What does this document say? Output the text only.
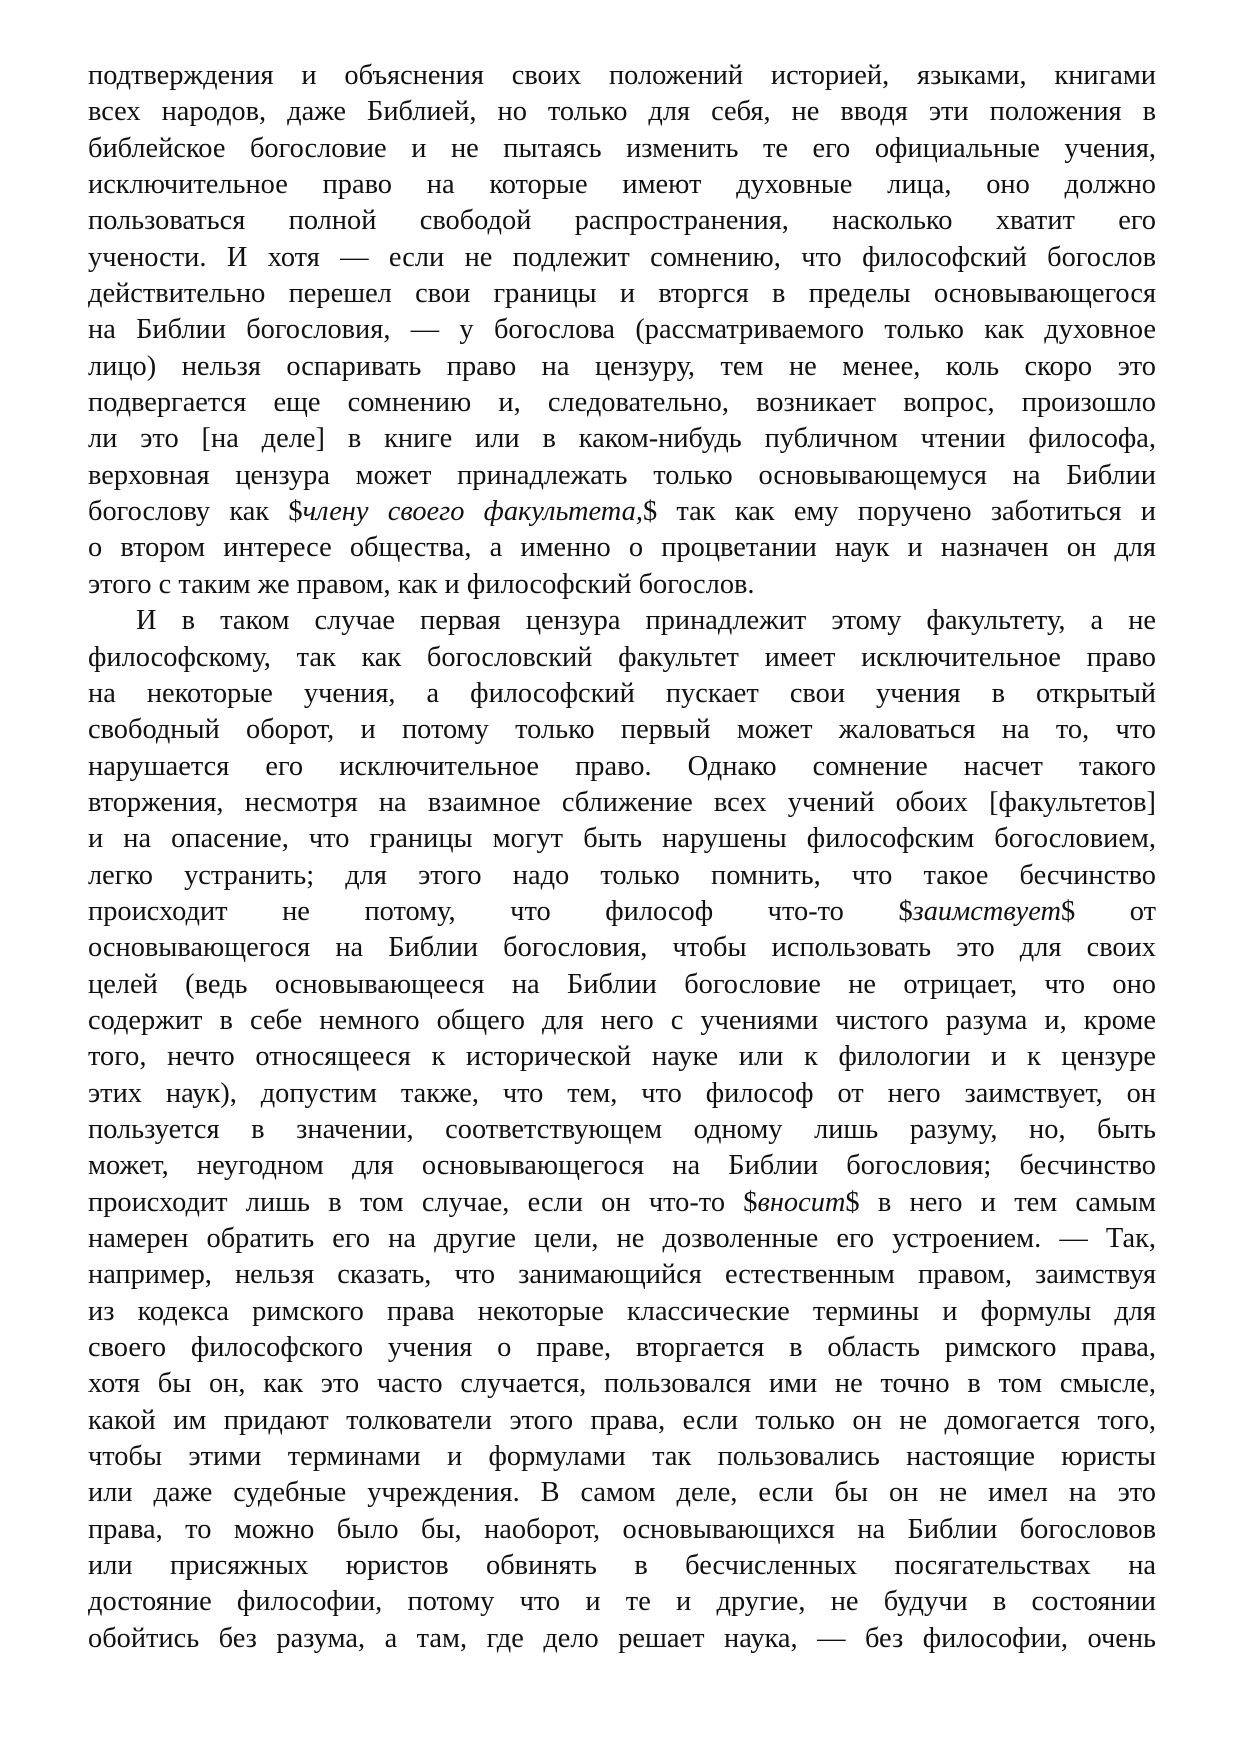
подтверждения и объяснения своих положений историей, языками, книгами
всех народов, даже Библией, но только для себя, не вводя эти положения в
библейское богословие и не пытаясь изменить те его официальные учения,
исключительное право на которые имеют духовные лица, оно должно
пользоваться полной свободой распространения, насколько хватит его
учености. И хотя — если не подлежит сомнению, что философский богослов
действительно перешел свои границы и вторгся в пределы основывающегося
на Библии богословия, — у богослова (рассматриваемого только как духовное
лицо) нельзя оспаривать право на цензуру, тем не менее, коль скоро это
подвергается еще сомнению и, следовательно, возникает вопрос, произошло
ли это [на деле] в книге или в каком-нибудь публичном чтении философа,
верховная цензура может принадлежать только основывающемуся на Библии
богослову как $члену своего факультета,$ так как ему поручено заботиться и
о втором интересе общества, а именно о процветании наук и назначен он для
этого с таким же правом, как и философский богослов.
И в таком случае первая цензура принадлежит этому факультету, а не
философскому, так как богословский факультет имеет исключительное право
на некоторые учения, а философский пускает свои учения в открытый
свободный оборот, и потому только первый может жаловаться на то, что
нарушается его исключительное право. Однако сомнение насчет такого
вторжения, несмотря на взаимное сближение всех учений обоих [факультетов]
и на опасение, что границы могут быть нарушены философским богословием,
легко устранить; для этого надо только помнить, что такое бесчинство
происходит не потому, что философ что-то $заимствует$ от
основывающегося на Библии богословия, чтобы использовать это для своих
целей (ведь основывающееся на Библии богословие не отрицает, что оно
содержит в себе немного общего для него с учениями чистого разума и, кроме
того, нечто относящееся к исторической науке или к филологии и к цензуре
этих наук), допустим также, что тем, что философ от него заимствует, он
пользуется в значении, соответствующем одному лишь разуму, но, быть
может, неугодном для основывающегося на Библии богословия; бесчинство
происходит лишь в том случае, если он что-то $вносит$ в него и тем самым
намерен обратить его на другие цели, не дозволенные его устроением. — Так,
например, нельзя сказать, что занимающийся естественным правом, заимствуя
из кодекса римского права некоторые классические термины и формулы для
своего философского учения о праве, вторгается в область римского права,
хотя бы он, как это часто случается, пользовался ими не точно в том смысле,
какой им придают толкователи этого права, если только он не домогается того,
чтобы этими терминами и формулами так пользовались настоящие юристы
или даже судебные учреждения. В самом деле, если бы он не имел на это
права, то можно было бы, наоборот, основывающихся на Библии богословов
или присяжных юристов обвинять в бесчисленных посягательствах на
достояние философии, потому что и те и другие, не будучи в состоянии
обойтись без разума, а там, где дело решает наука, — без философии, очень
